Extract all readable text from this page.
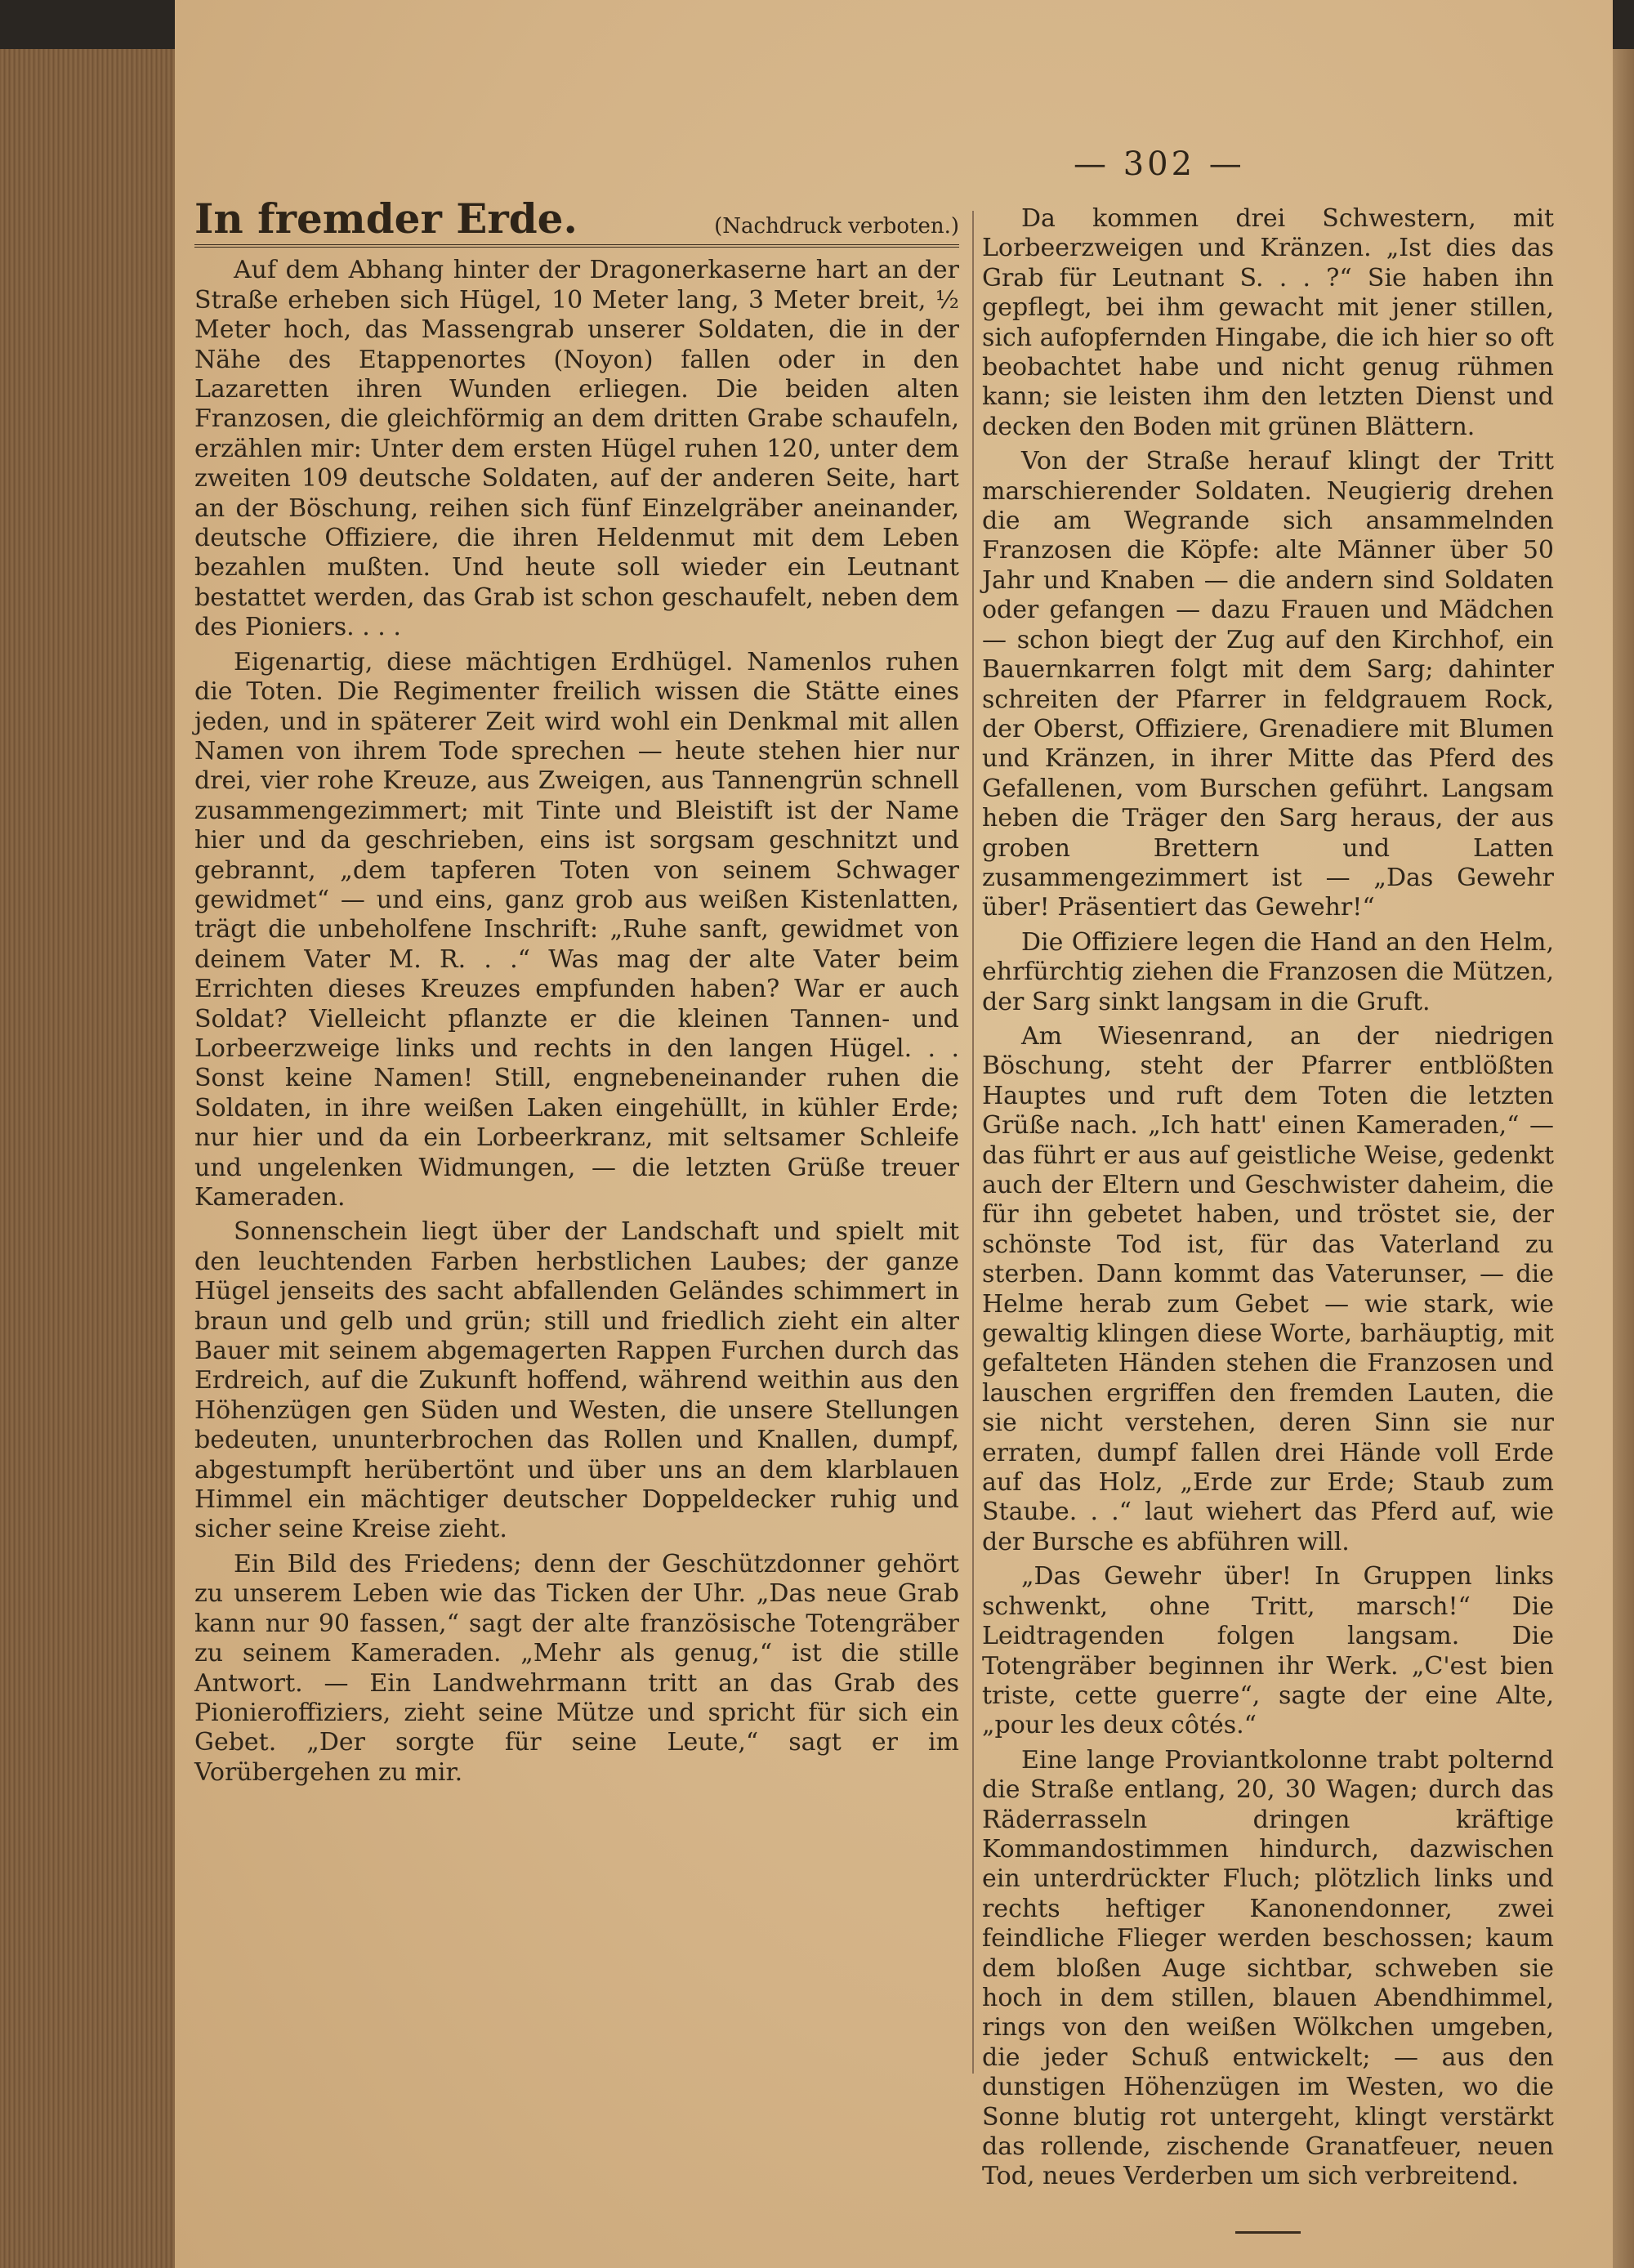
— 302 —
In fremder Erde.	(Nachdruck verboten.)

Auf dem Abhang hinter der Dragonerkaserne hart an der Straße erheben sich Hügel, 10 Meter lang, 3 Meter breit, ½ Meter hoch, das Massengrab unserer Soldaten, die in der Nähe des Etappenortes (Noyon) fallen oder in den Lazaretten ihren Wunden erliegen. Die beiden alten Franzosen, die gleichförmig an dem dritten Grabe schaufeln, erzählen mir: Unter dem ersten Hügel ruhen 120, unter dem zweiten 109 deutsche Soldaten, auf der anderen Seite, hart an der Böschung, reihen sich fünf Einzelgräber aneinander, deutsche Offiziere, die ihren Heldenmut mit dem Leben bezahlen mußten. Und heute soll wieder ein Leutnant bestattet werden, das Grab ist schon geschaufelt, neben dem des Pioniers. . . .

Eigenartig, diese mächtigen Erdhügel. Namenlos ruhen die Toten. Die Regimenter freilich wissen die Stätte eines jeden, und in späterer Zeit wird wohl ein Denkmal mit allen Namen von ihrem Tode sprechen — heute stehen hier nur drei, vier rohe Kreuze, aus Zweigen, aus Tannengrün schnell zusammengezimmert; mit Tinte und Bleistift ist der Name hier und da geschrieben, eins ist sorgsam geschnitzt und gebrannt, „dem tapferen Toten von seinem Schwager gewidmet“ — und eins, ganz grob aus weißen Kistenlatten, trägt die unbeholfene Inschrift: „Ruhe sanft, gewidmet von deinem Vater M. R. . .“ Was mag der alte Vater beim Errichten dieses Kreuzes empfunden haben? War er auch Soldat? Vielleicht pflanzte er die kleinen Tannen- und Lorbeerzweige links und rechts in den langen Hügel. . . Sonst keine Namen! Still, engnebeneinander ruhen die Soldaten, in ihre weißen Laken eingehüllt, in kühler Erde; nur hier und da ein Lorbeerkranz, mit seltsamer Schleife und ungelenken Widmungen, — die letzten Grüße treuer Kameraden.

Sonnenschein liegt über der Landschaft und spielt mit den leuchtenden Farben herbstlichen Laubes; der ganze Hügel jenseits des sacht abfallenden Geländes schimmert in braun und gelb und grün; still und friedlich zieht ein alter Bauer mit seinem abgemagerten Rappen Furchen durch das Erdreich, auf die Zukunft hoffend, während weithin aus den Höhenzügen gen Süden und Westen, die unsere Stellungen bedeuten, ununterbrochen das Rollen und Knallen, dumpf, abgestumpft herübertönt und über uns an dem klarblauen Himmel ein mächtiger deutscher Doppeldecker ruhig und sicher seine Kreise zieht.

Ein Bild des Friedens; denn der Geschützdonner gehört zu unserem Leben wie das Ticken der Uhr. „Das neue Grab kann nur 90 fassen,“ sagt der alte französische Totengräber zu seinem Kameraden. „Mehr als genug,“ ist die stille Antwort. — Ein Landwehrmann tritt an das Grab des Pionieroffiziers, zieht seine Mütze und spricht für sich ein Gebet. „Der sorgte für seine Leute,“ sagt er im Vorübergehen zu mir.

Da kommen drei Schwestern, mit Lorbeerzweigen und Kränzen. „Ist dies das Grab für Leutnant S. . . ?“ Sie haben ihn gepflegt, bei ihm gewacht mit jener stillen, sich aufopfernden Hingabe, die ich hier so oft beobachtet habe und nicht genug rühmen kann; sie leisten ihm den letzten Dienst und decken den Boden mit grünen Blättern.

Von der Straße herauf klingt der Tritt marschierender Soldaten. Neugierig drehen die am Wegrande sich ansammelnden Franzosen die Köpfe: alte Männer über 50 Jahr und Knaben — die andern sind Soldaten oder gefangen — dazu Frauen und Mädchen — schon biegt der Zug auf den Kirchhof, ein Bauernkarren folgt mit dem Sarg; dahinter schreiten der Pfarrer in feldgrauem Rock, der Oberst, Offiziere, Grenadiere mit Blumen und Kränzen, in ihrer Mitte das Pferd des Gefallenen, vom Burschen geführt. Langsam heben die Träger den Sarg heraus, der aus groben Brettern und Latten zusammengezimmert ist — „Das Gewehr über! Präsentiert das Gewehr!“

Die Offiziere legen die Hand an den Helm, ehrfürchtig ziehen die Franzosen die Mützen, der Sarg sinkt langsam in die Gruft.

Am Wiesenrand, an der niedrigen Böschung, steht der Pfarrer entblößten Hauptes und ruft dem Toten die letzten Grüße nach. „Ich hatt' einen Kameraden,“ — das führt er aus auf geistliche Weise, gedenkt auch der Eltern und Geschwister daheim, die für ihn gebetet haben, und tröstet sie, der schönste Tod ist, für das Vaterland zu sterben. Dann kommt das Vaterunser, — die Helme herab zum Gebet — wie stark, wie gewaltig klingen diese Worte, barhäuptig, mit gefalteten Händen stehen die Franzosen und lauschen ergriffen den fremden Lauten, die sie nicht verstehen, deren Sinn sie nur erraten, dumpf fallen drei Hände voll Erde auf das Holz, „Erde zur Erde; Staub zum Staube. . .“ laut wiehert das Pferd auf, wie der Bursche es abführen will.

„Das Gewehr über! In Gruppen links schwenkt, ohne Tritt, marsch!“ Die Leidtragenden folgen langsam. Die Totengräber beginnen ihr Werk. „C'est bien triste, cette guerre“, sagte der eine Alte, „pour les deux côtés.“

Eine lange Proviantkolonne trabt polternd die Straße entlang, 20, 30 Wagen; durch das Räderrasseln dringen kräftige Kommandostimmen hindurch, dazwischen ein unterdrückter Fluch; plötzlich links und rechts heftiger Kanonendonner, zwei feindliche Flieger werden beschossen; kaum dem bloßen Auge sichtbar, schweben sie hoch in dem stillen, blauen Abendhimmel, rings von den weißen Wölkchen umgeben, die jeder Schuß entwickelt; — aus den dunstigen Höhenzügen im Westen, wo die Sonne blutig rot untergeht, klingt verstärkt das rollende, zischende Granatfeuer, neuen Tod, neues Verderben um sich verbreitend.
